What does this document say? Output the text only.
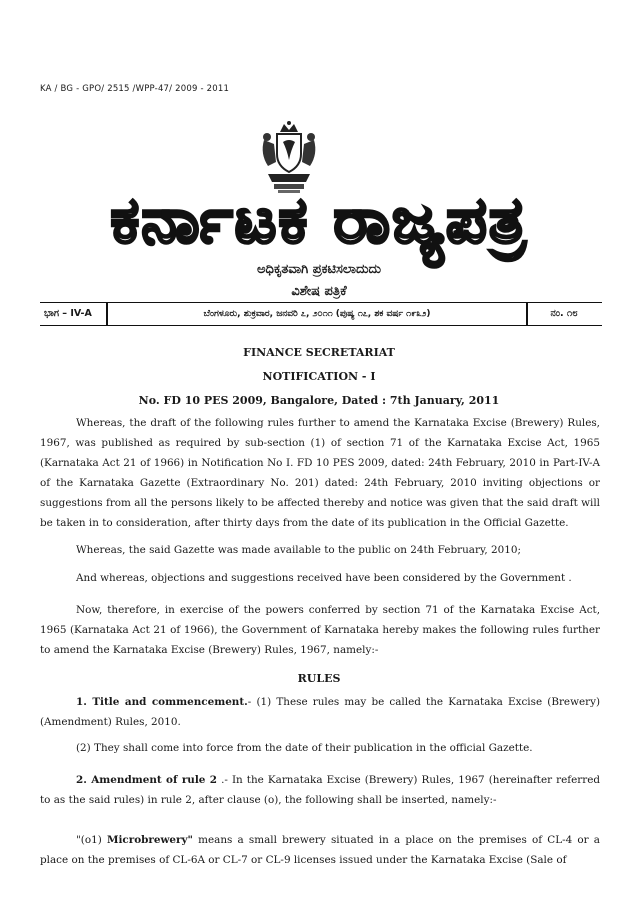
KA / BG - GPO/ 2515 /WPP-47/ 2009 - 2011
ಕರ್ನಾಟಕ ರಾಜ್ಯಪತ್ರ
ಅಧಿಕೃತವಾಗಿ ಪ್ರಕಟಿಸಲಾದುದು
ವಿಶೇಷ ಪತ್ರಿಕೆ
ಭಾಗ – IV-A	ಬೆಂಗಳೂರು, ಶುಕ್ರವಾರ, ಜನವರಿ ೭, ೨೦೧೧ (ಪುಷ್ಯ ೧೭, ಶಕ ವರ್ಷ ೧೯೩೨)	ನಂ. ೧೮
FINANCE SECRETARIAT
NOTIFICATION - I
No. FD 10 PES 2009, Bangalore, Dated : 7th January, 2011

Whereas, the draft of the following rules further to amend the Karnataka Excise (Brewery) Rules, 1967, was published as required by sub-section (1) of section 71 of the Karnataka Excise Act, 1965 (Karnataka Act 21 of 1966) in Notification No I. FD 10 PES 2009, dated: 24th February, 2010 in Part-IV-A of the Karnataka Gazette (Extraordinary No. 201) dated: 24th February, 2010 inviting objections or suggestions from all the persons likely to be affected thereby and notice was given that the said draft will be taken in to consideration, after thirty days from the date of its publication in the Official Gazette.

Whereas, the said Gazette was made available to the public on 24th February, 2010;

And whereas, objections and suggestions received have been considered by the Government .

Now, therefore, in exercise of the powers conferred by section 71 of the Karnataka Excise Act, 1965 (Karnataka Act 21 of 1966), the Government of Karnataka hereby makes the following rules further to amend the Karnataka Excise (Brewery) Rules, 1967, namely:-

RULES

1. Title and commencement.- (1) These rules may be called the Karnataka Excise (Brewery) (Amendment) Rules, 2010.

(2) They shall come into force from the date of their publication in the official Gazette.

2. Amendment of rule 2 .- In the Karnataka Excise (Brewery) Rules, 1967 (hereinafter referred to as the said rules) in rule 2, after clause (o), the following shall be inserted, namely:-

"(o1) Microbrewery" means a small brewery situated in a place on the premises of CL-4 or a place on the premises of CL-6A or CL-7 or CL-9 licenses issued under the Karnataka Excise (Sale of
